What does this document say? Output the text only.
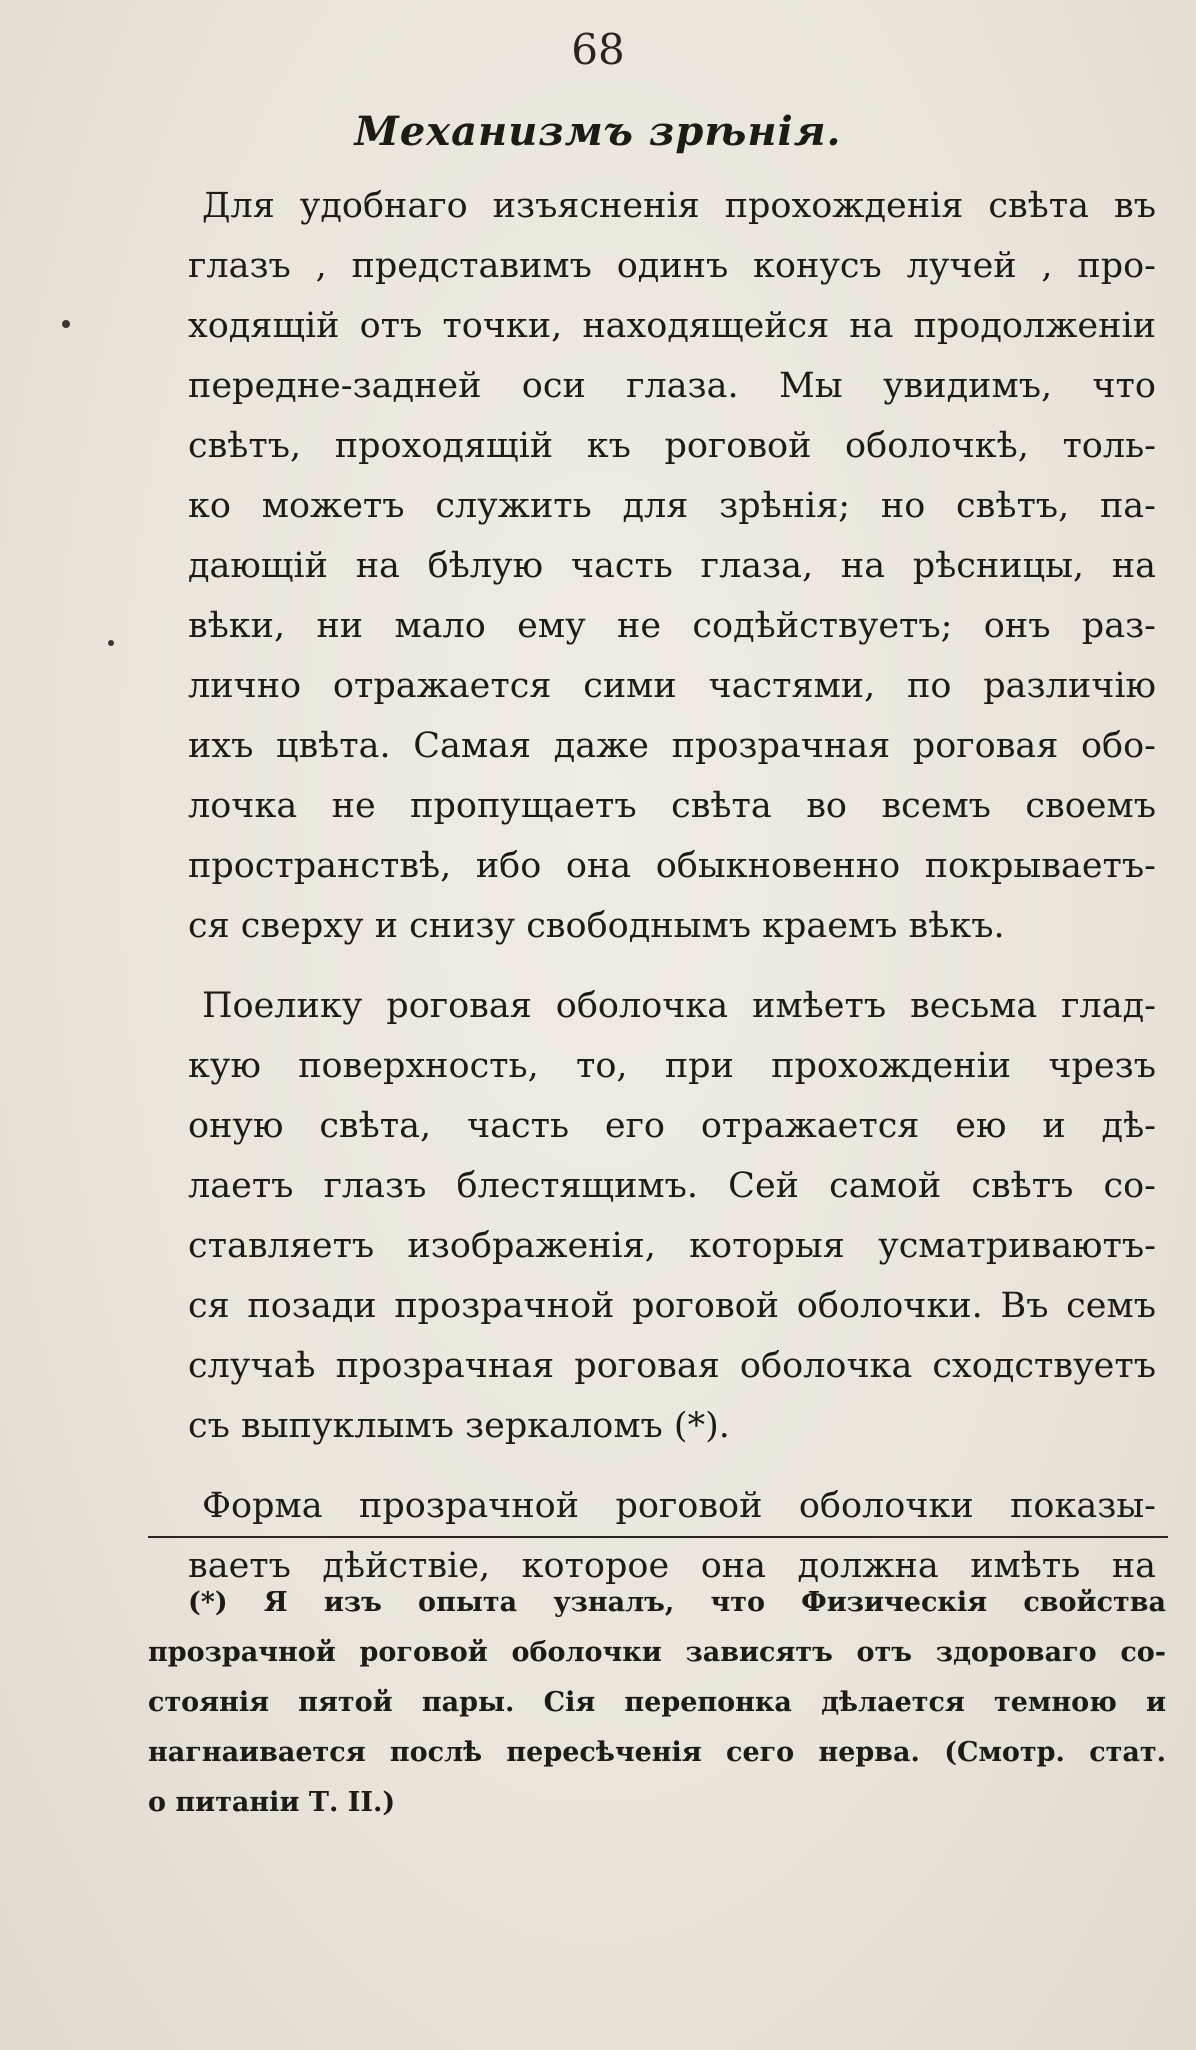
68
Механизмъ зрѣнія.
Для удобнаго изъясненія прохожденія свѣта въ
глазъ , представимъ одинъ конусъ лучей , про-
ходящій отъ точки, находящейся на продолженіи
передне-задней оси глаза. Мы увидимъ, что
свѣтъ, проходящій къ роговой оболочкѣ, толь-
ко можетъ служить для зрѣнія; но свѣтъ, па-
дающій на бѣлую часть глаза, на рѣсницы, на
вѣки, ни мало ему не содѣйствуетъ; онъ раз-
лично отражается сими частями, по различію
ихъ цвѣта. Самая даже прозрачная роговая обо-
лочка не пропущаетъ свѣта во всемъ своемъ
пространствѣ, ибо она обыкновенно покрываетъ-
ся сверху и снизу свободнымъ краемъ вѣкъ.
Поелику роговая оболочка имѣетъ весьма глад-
кую поверхность, то, при прохожденіи чрезъ
оную свѣта, часть его отражается ею и дѣ-
лаетъ глазъ блестящимъ. Сей самой свѣтъ со-
ставляетъ изображенія, которыя усматриваютъ-
ся позади прозрачной роговой оболочки. Въ семъ
случаѣ прозрачная роговая оболочка сходствуетъ
съ выпуклымъ зеркаломъ (*).
Форма прозрачной роговой оболочки показы-
ваетъ дѣйствіе, которое она должна имѣть на
(*) Я изъ опыта узналъ, что Физическія свойства
прозрачной роговой оболочки зависятъ отъ здороваго со-
стоянія пятой пары. Сія перепонка дѣлается темною и
нагнаивается послѣ пересѣченія сего нерва. (Смотр. стат.
о питаніи Т. II.)
